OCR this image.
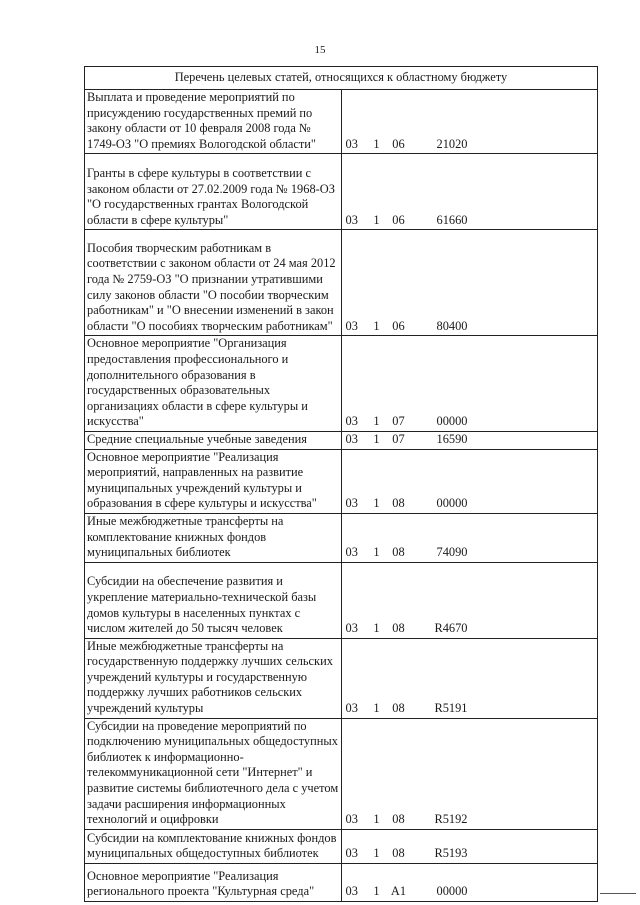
15
Перечень целевых статей, относящихся к областному бюджету	
Выплата и проведение мероприятий по присуждению государственных премий по закону области от 10 февраля 2008 года № 1749-ОЗ "О премиях Вологодской области"	03 1 06 21020
Гранты в сфере культуры в соответствии с законом области от 27.02.2009 года № 1968-ОЗ "О государственных грантах Вологодской области в сфере культуры"	03 1 06 61660
Пособия творческим работникам в соответствии с законом области от 24 мая 2012 года № 2759-ОЗ "О признании утратившими силу законов области "О пособии творческим работникам" и "О внесении изменений в закон области "О пособиях творческим работникам"	03 1 06 80400
Основное мероприятие "Организация предоставления профессионального и дополнительного образования в государственных образовательных организациях области в сфере культуры и искусства"	03 1 07 00000
Средние специальные учебные заведения	03 1 07 16590
Основное мероприятие "Реализация мероприятий, направленных на развитие муниципальных учреждений культуры и образования в сфере культуры и искусства"	03 1 08 00000
Иные межбюджетные трансферты на комплектование книжных фондов муниципальных библиотек	03 1 08 74090
Субсидии на обеспечение развития и укрепление материально-технической базы домов культуры в населенных пунктах с числом жителей до 50 тысяч человек	03 1 08 R4670
Иные межбюджетные трансферты на государственную поддержку лучших сельских учреждений культуры и государственную поддержку лучших работников сельских учреждений культуры	03 1 08 R5191
Субсидии на проведение мероприятий по подключению муниципальных общедоступных библиотек к информационно-телекоммуникационной сети "Интернет" и развитие системы библиотечного дела с учетом задачи расширения информационных технологий и оцифровки	03 1 08 R5192
Субсидии на комплектование книжных фондов муниципальных общедоступных библиотек	03 1 08 R5193
Основное мероприятие "Реализация регионального проекта "Культурная среда"	03 1 А1 00000
